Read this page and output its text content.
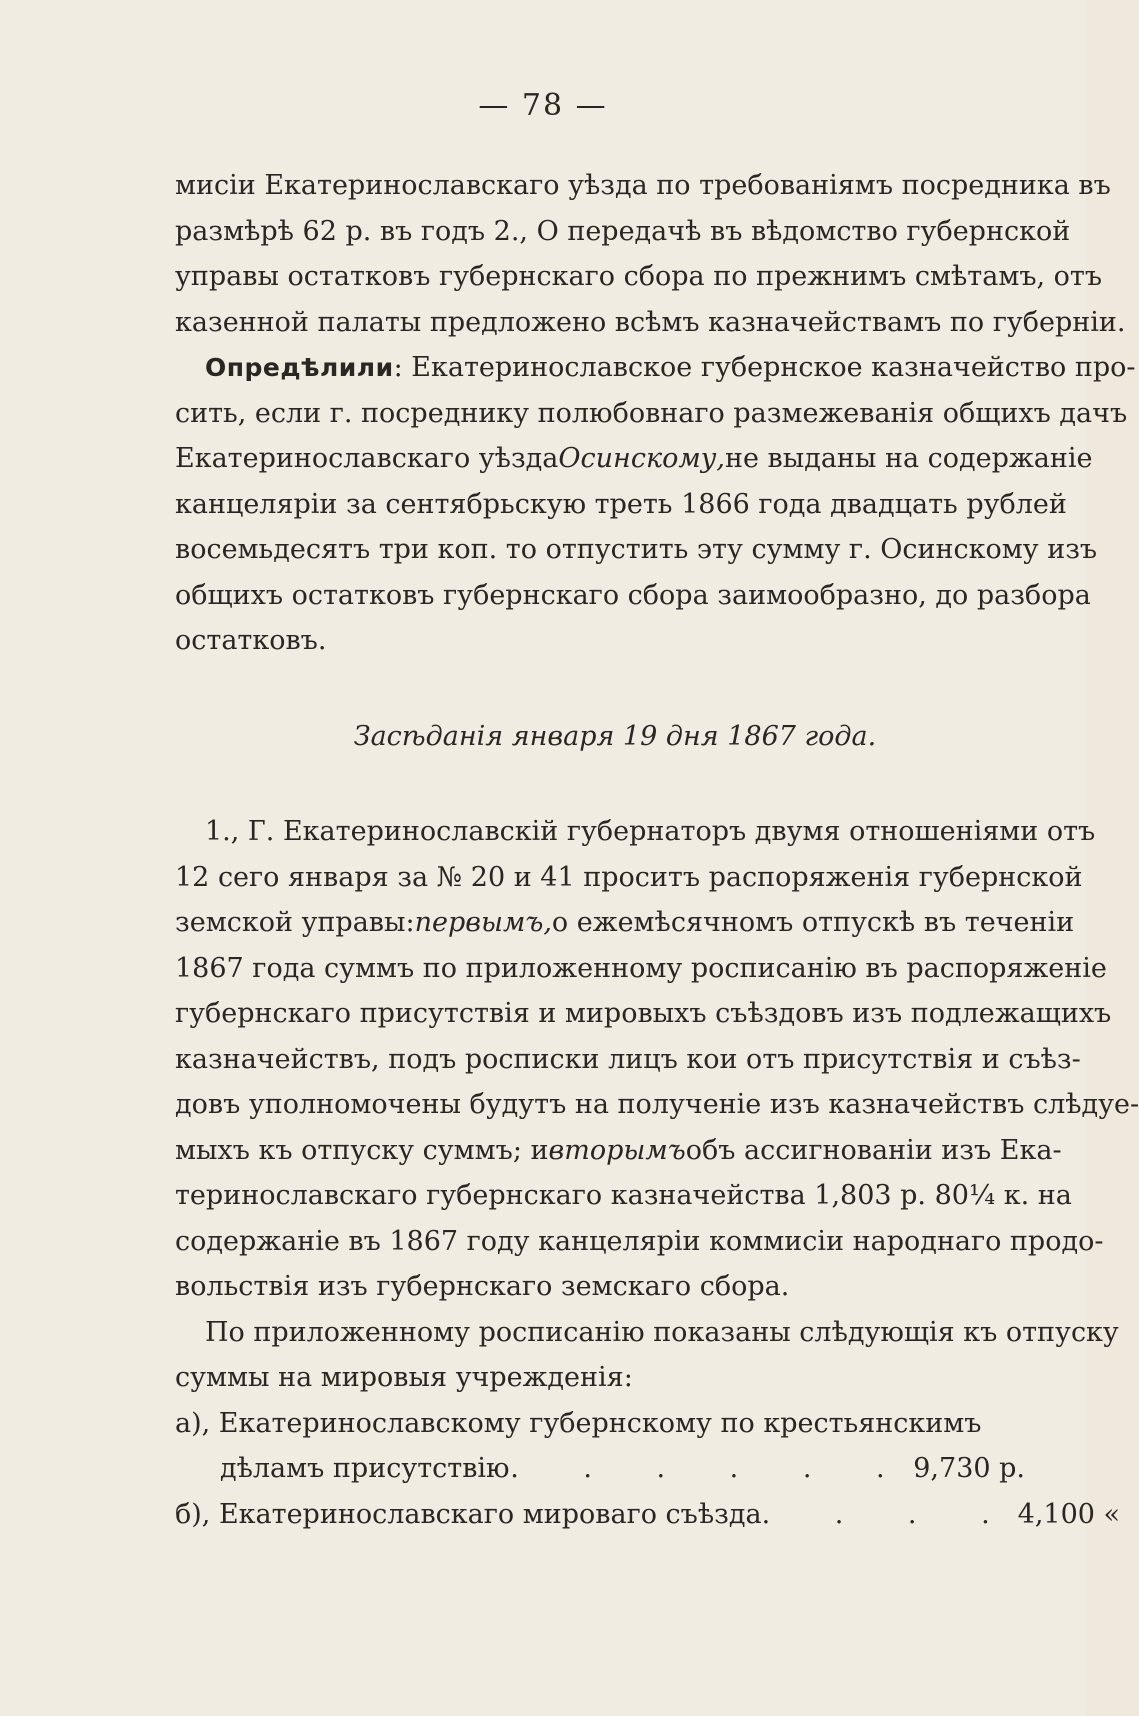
— 78 —
мисіи Екатеринославскаго уѣзда по требованіямъ посредника въ
размѣрѣ 62 р. въ годъ 2., О передачѣ въ вѣдомство губернской
управы остатковъ губернскаго сбора по прежнимъ смѣтамъ, отъ
казенной палаты предложено всѣмъ казначействамъ по губерніи.
Опредѣлили: Екатеринославское губернское казначейство про-
сить, если г. посреднику полюбовнаго размежеванія общихъ дачъ
Екатеринославскаго уѣзда Осинскому, не выданы на содержаніе
канцеляріи за сентябрьскую треть 1866 года двадцать рублей
восемьдесятъ три коп. то отпустить эту сумму г. Осинскому изъ
общихъ остатковъ губернскаго сбора заимообразно, до разбора
остатковъ.
Засѣданія января 19 дня 1867 года.
1., Г. Екатеринославскій губернаторъ двумя отношеніями отъ
12 сего января за № 20 и 41 проситъ распоряженія губернской
земской управы: первымъ, о ежемѣсячномъ отпускѣ въ теченіи
1867 года суммъ по приложенному росписанію въ распоряженіе
губернскаго присутствія и мировыхъ съѣздовъ изъ подлежащихъ
казначействъ, подъ росписки лицъ кои отъ присутствія и съѣз-
довъ уполномочены будутъ на полученіе изъ казначействъ слѣдуе-
мыхъ къ отпуску суммъ; и вторымъ объ ассигнованіи изъ Ека-
теринославскаго губернскаго казначейства 1,803 р. 80¼ к. на
содержаніе въ 1867 году канцеляріи коммисіи народнаго продо-
вольствія изъ губернскаго земскаго сбора.
По приложенному росписанію показаны слѣдующія къ отпуску
суммы на мировыя учрежденія:
а), Екатеринославскому губернскому по крестьянскимъ
дѣламъ присутствію . . . . . . 9,730 р.
б), Екатеринославскаго мироваго съѣзда . . . . 4,100 «
